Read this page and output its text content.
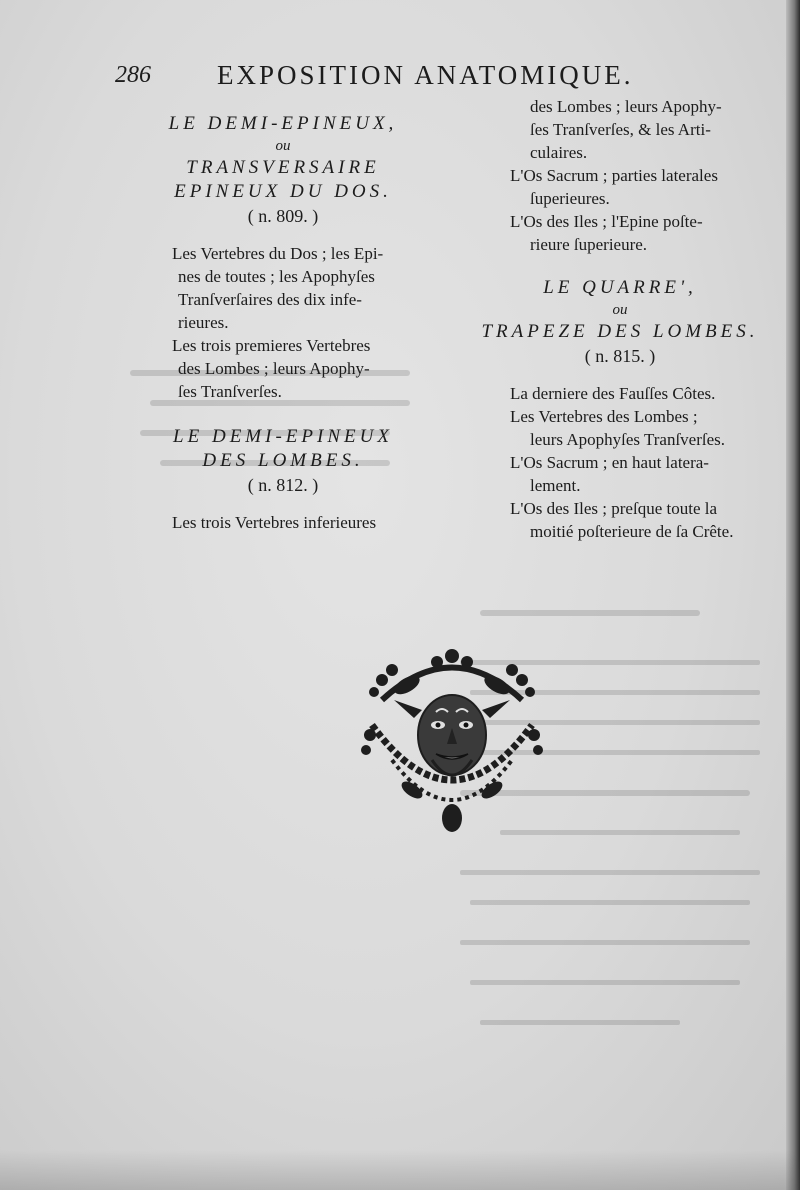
286 EXPOSITION ANATOMIQUE.

LE DEMI-EPINEUX,

ou

TRANSVERSAIRE

EPINEUX DU DOS.

( n. 809. )

Les Vertebres du Dos ; les Epi-

nes de toutes ; les Apophyſes

Tranſverſaires des dix infe-

rieures.

Les trois premieres Vertebres

des Lombes ; leurs Apophy-

ſes Tranſverſes.

LE DEMI-EPINEUX

DES LOMBES.

( n. 812. )

Les trois Vertebres inferieures

des Lombes ; leurs Apophy-

ſes Tranſverſes, & les Arti-

culaires.

L'Os Sacrum ; parties laterales

ſuperieures.

L'Os des Iles ; l'Epine poſte-

rieure ſuperieure.

LE QUARRE',

ou

TRAPEZE DES LOMBES.

( n. 815. )

La derniere des Fauſſes Côtes.

Les Vertebres des Lombes ;

leurs Apophyſes Tranſverſes.

L'Os Sacrum ; en haut latera-

lement.

L'Os des Iles ; preſque toute la

moitié poſterieure de ſa Crête.
